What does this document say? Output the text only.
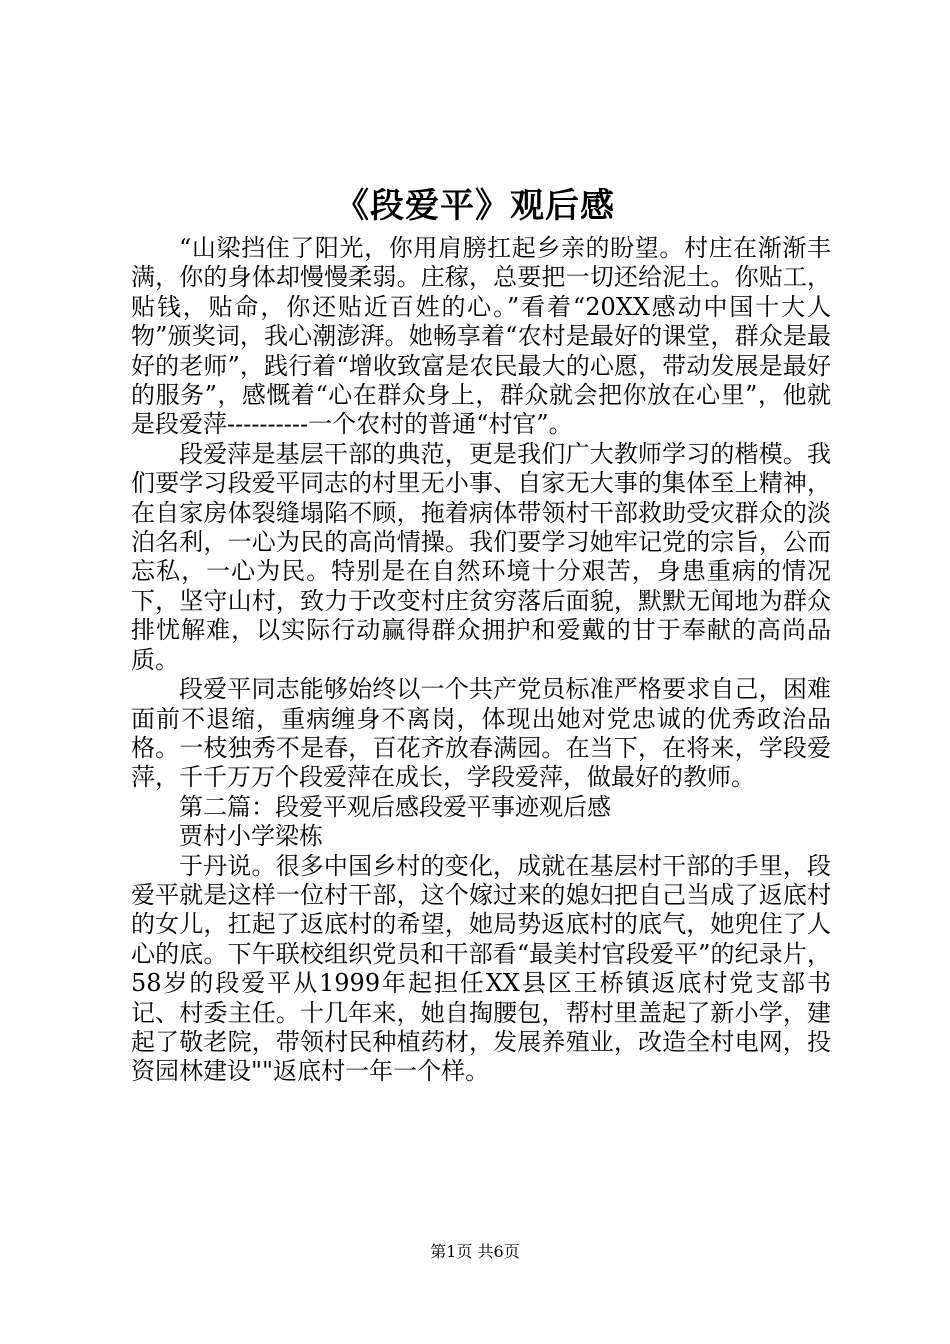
《段爱平》观后感

“山梁挡住了阳光，你用肩膀扛起乡亲的盼望。村庄在渐渐丰满，你的身体却慢慢柔弱。庄稼，总要把一切还给泥土。你贴工，贴钱，贴命，你还贴近百姓的心。”看着“20XX感动中国十大人物”颁奖词，我心潮澎湃。她畅享着“农村是最好的课堂，群众是最好的老师”，践行着“增收致富是农民最大的心愿，带动发展是最好的服务”，感慨着“心在群众身上，群众就会把你放在心里”，他就是段爱萍----------一个农村的普通“村官”。

段爱萍是基层干部的典范，更是我们广大教师学习的楷模。我们要学习段爱平同志的村里无小事、自家无大事的集体至上精神，在自家房体裂缝塌陷不顾，拖着病体带领村干部救助受灾群众的淡泊名利，一心为民的高尚情操。我们要学习她牢记党的宗旨，公而忘私，一心为民。特别是在自然环境十分艰苦，身患重病的情况下，坚守山村，致力于改变村庄贫穷落后面貌，默默无闻地为群众排忧解难，以实际行动赢得群众拥护和爱戴的甘于奉献的高尚品质。

段爱平同志能够始终以一个共产党员标准严格要求自己，困难面前不退缩，重病缠身不离岗，体现出她对党忠诚的优秀政治品格。一枝独秀不是春，百花齐放春满园。在当下，在将来，学段爱萍，千千万万个段爱萍在成长，学段爱萍，做最好的教师。

第二篇：段爱平观后感段爱平事迹观后感

贾村小学梁栋

于丹说。很多中国乡村的变化，成就在基层村干部的手里，段爱平就是这样一位村干部，这个嫁过来的媳妇把自己当成了返底村的女儿，扛起了返底村的希望，她局势返底村的底气，她兜住了人心的底。下午联校组织党员和干部看“最美村官段爱平”的纪录片，58岁的段爱平从1999年起担任XX县区王桥镇返底村党支部书记、村委主任。十几年来，她自掏腰包，帮村里盖起了新小学，建起了敬老院，带领村民种植药材，发展养殖业，改造全村电网，投资园林建设""返底村一年一个样。

第1页 共6页
